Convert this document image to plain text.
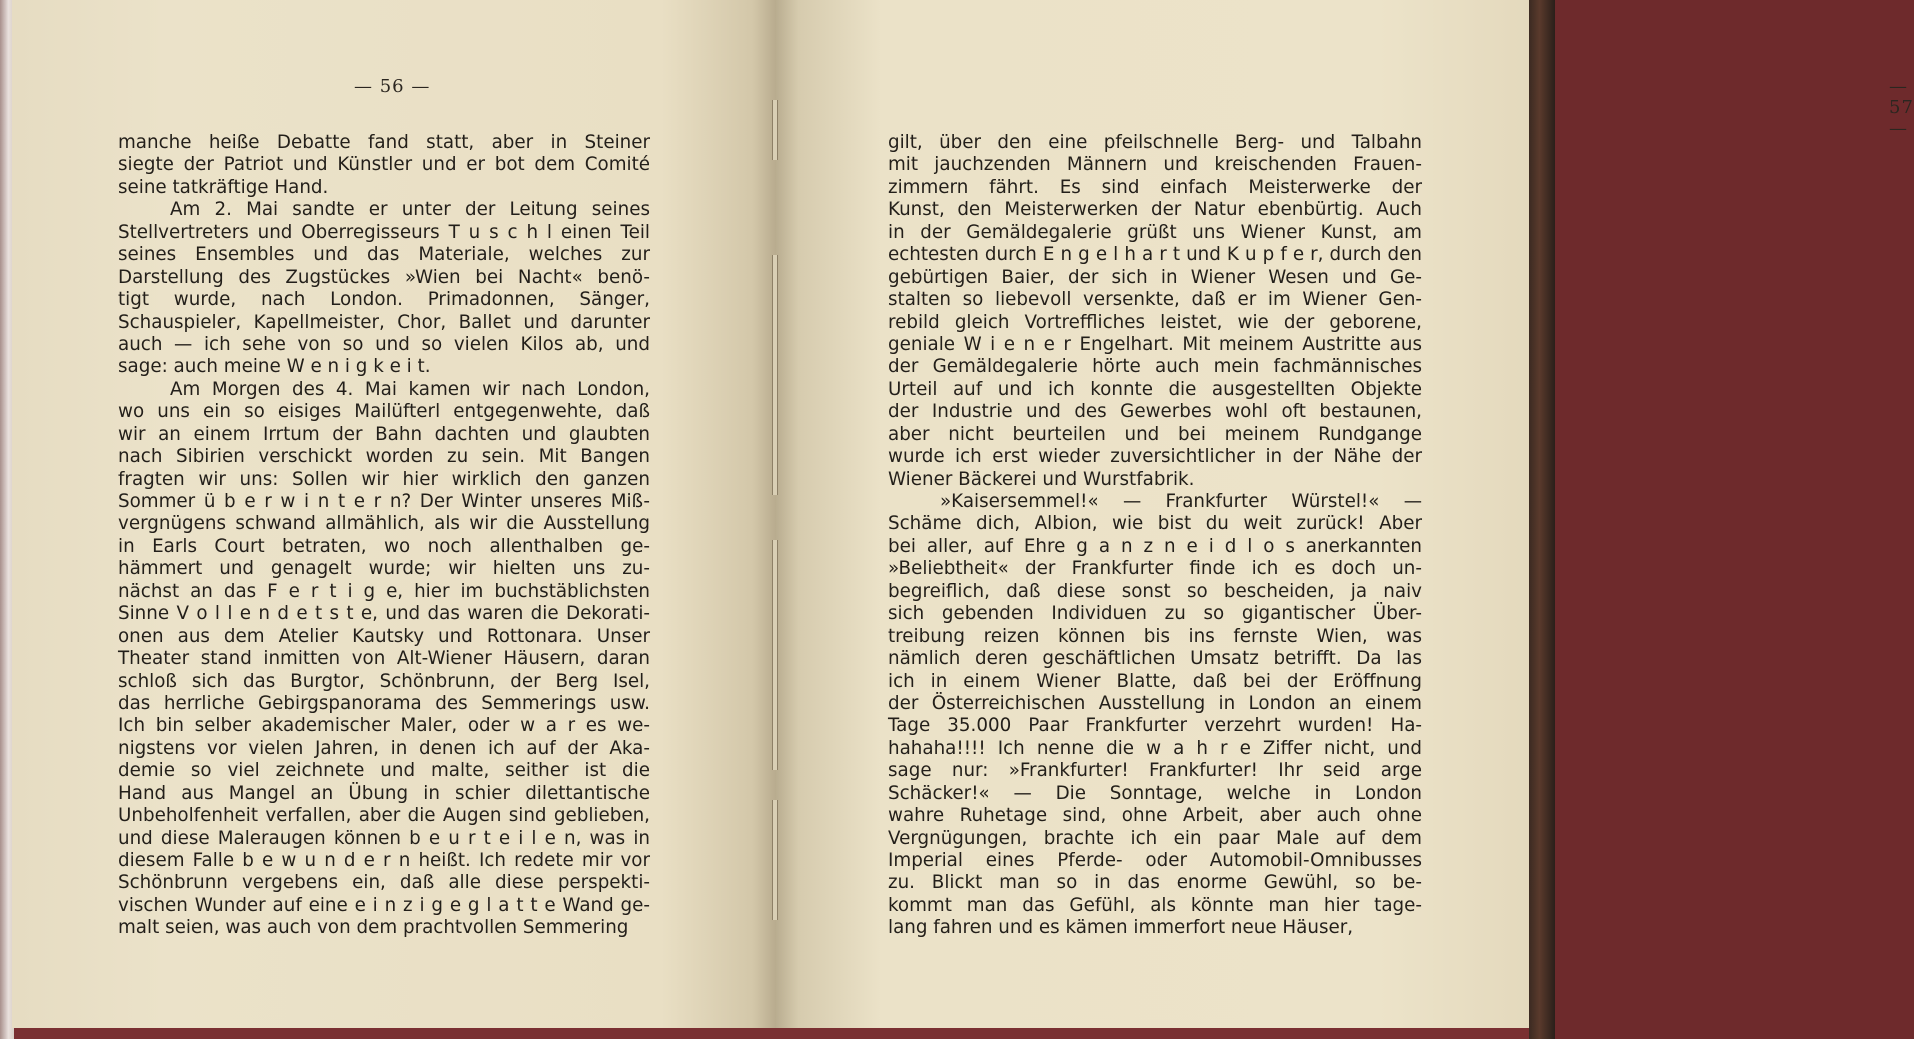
— 56 —	— 57 —
manche heiße Debatte fand statt, aber in Steiner
siegte der Patriot und Künstler und er bot dem Comité
seine tatkräftige Hand.
Am 2. Mai sandte er unter der Leitung seines
Stellvertreters und Oberregisseurs T u s c h l einen Teil
seines Ensembles und das Materiale, welches zur
Darstellung des Zugstückes »Wien bei Nacht« benö-
tigt wurde, nach London. Primadonnen, Sänger,
Schauspieler, Kapellmeister, Chor, Ballet und darunter
auch — ich sehe von so und so vielen Kilos ab, und
sage: auch meine W e n i g k e i t.
Am Morgen des 4. Mai kamen wir nach London,
wo uns ein so eisiges Mailüfterl entgegenwehte, daß
wir an einem Irrtum der Bahn dachten und glaubten
nach Sibirien verschickt worden zu sein. Mit Bangen
fragten wir uns: Sollen wir hier wirklich den ganzen
Sommer ü b e r w i n t e r n? Der Winter unseres Miß-
vergnügens schwand allmählich, als wir die Ausstellung
in Earls Court betraten, wo noch allenthalben ge-
hämmert und genagelt wurde; wir hielten uns zu-
nächst an das F e r t i g e, hier im buchstäblichsten
Sinne V o l l e n d e t s t e, und das waren die Dekorati-
onen aus dem Atelier Kautsky und Rottonara. Unser
Theater stand inmitten von Alt-Wiener Häusern, daran
schloß sich das Burgtor, Schönbrunn, der Berg Isel,
das herrliche Gebirgspanorama des Semmerings usw.
Ich bin selber akademischer Maler, oder w a r es we-
nigstens vor vielen Jahren, in denen ich auf der Aka-
demie so viel zeichnete und malte, seither ist die
Hand aus Mangel an Übung in schier dilettantische
Unbeholfenheit verfallen, aber die Augen sind geblieben,
und diese Maleraugen können b e u r t e i l e n, was in
diesem Falle b e w u n d e r n heißt. Ich redete mir vor
Schönbrunn vergebens ein, daß alle diese perspekti-
vischen Wunder auf eine e i n z i g e g l a t t e Wand ge-
malt seien, was auch von dem prachtvollen Semmering
gilt, über den eine pfeilschnelle Berg- und Talbahn
mit jauchzenden Männern und kreischenden Frauen-
zimmern fährt. Es sind einfach Meisterwerke der
Kunst, den Meisterwerken der Natur ebenbürtig. Auch
in der Gemäldegalerie grüßt uns Wiener Kunst, am
echtesten durch E n g e l h a r t und K u p f e r, durch den
gebürtigen Baier, der sich in Wiener Wesen und Ge-
stalten so liebevoll versenkte, daß er im Wiener Gen-
rebild gleich Vortreffliches leistet, wie der geborene,
geniale W i e n e r Engelhart. Mit meinem Austritte aus
der Gemäldegalerie hörte auch mein fachmännisches
Urteil auf und ich konnte die ausgestellten Objekte
der Industrie und des Gewerbes wohl oft bestaunen,
aber nicht beurteilen und bei meinem Rundgange
wurde ich erst wieder zuversichtlicher in der Nähe der
Wiener Bäckerei und Wurstfabrik.
»Kaisersemmel!« — Frankfurter Würstel!« —
Schäme dich, Albion, wie bist du weit zurück! Aber
bei aller, auf Ehre g a n z n e i d l o s anerkannten
»Beliebtheit« der Frankfurter finde ich es doch un-
begreiflich, daß diese sonst so bescheiden, ja naiv
sich gebenden Individuen zu so gigantischer Über-
treibung reizen können bis ins fernste Wien, was
nämlich deren geschäftlichen Umsatz betrifft. Da las
ich in einem Wiener Blatte, daß bei der Eröffnung
der Österreichischen Ausstellung in London an einem
Tage 35.000 Paar Frankfurter verzehrt wurden! Ha-
hahaha!!!! Ich nenne die w a h r e Ziffer nicht, und
sage nur: »Frankfurter! Frankfurter! Ihr seid arge
Schäcker!« — Die Sonntage, welche in London
wahre Ruhetage sind, ohne Arbeit, aber auch ohne
Vergnügungen, brachte ich ein paar Male auf dem
Imperial eines Pferde- oder Automobil-Omnibusses
zu. Blickt man so in das enorme Gewühl, so be-
kommt man das Gefühl, als könnte man hier tage-
lang fahren und es kämen immerfort neue Häuser,
